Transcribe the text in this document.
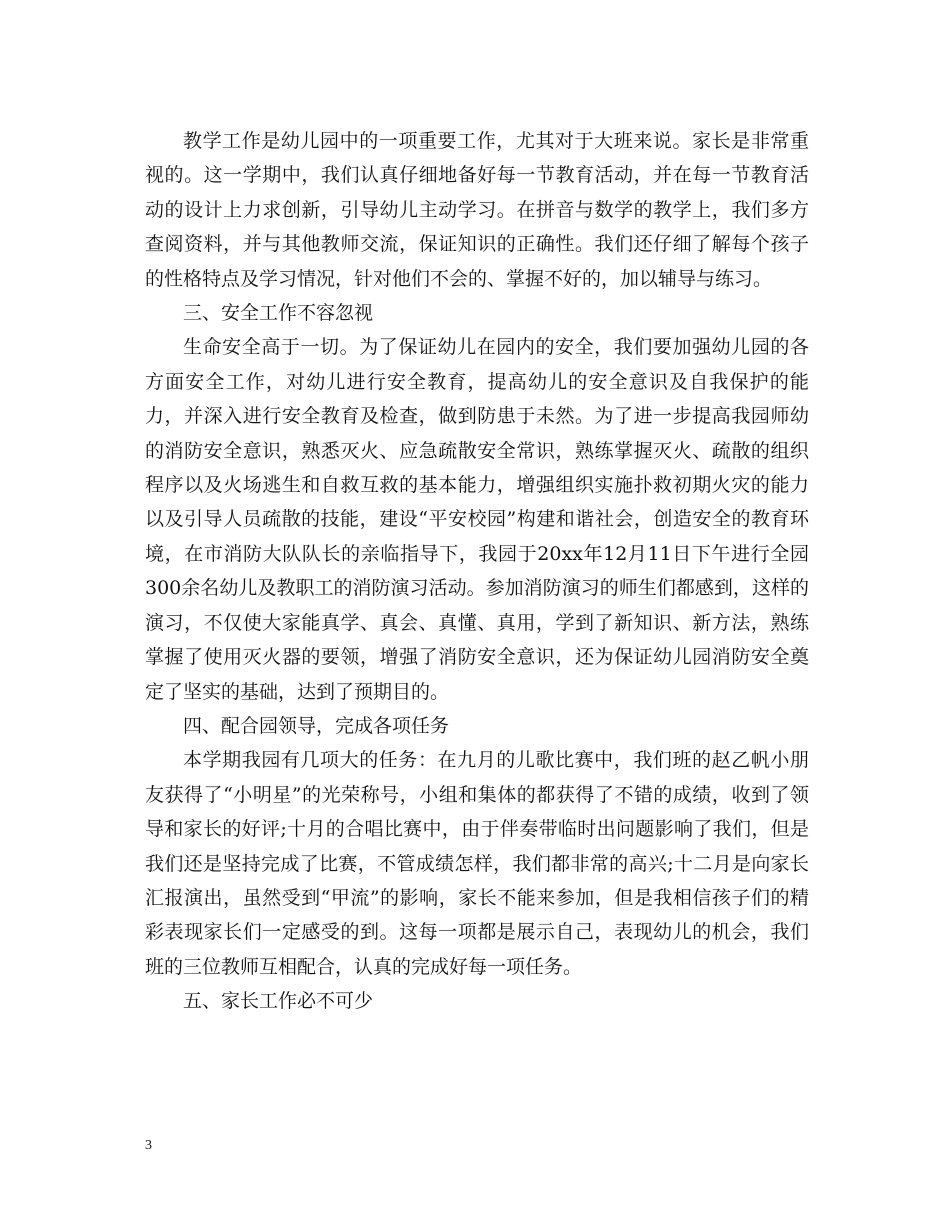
教学工作是幼儿园中的一项重要工作，尤其对于大班来说。家长是非常重视的。这一学期中，我们认真仔细地备好每一节教育活动，并在每一节教育活动的设计上力求创新，引导幼儿主动学习。在拼音与数学的教学上，我们多方查阅资料，并与其他教师交流，保证知识的正确性。我们还仔细了解每个孩子的性格特点及学习情况，针对他们不会的、掌握不好的，加以辅导与练习。

三、安全工作不容忽视

生命安全高于一切。为了保证幼儿在园内的安全，我们要加强幼儿园的各方面安全工作，对幼儿进行安全教育，提高幼儿的安全意识及自我保护的能力，并深入进行安全教育及检查，做到防患于未然。为了进一步提高我园师幼的消防安全意识，熟悉灭火、应急疏散安全常识，熟练掌握灭火、疏散的组织程序以及火场逃生和自救互救的基本能力，增强组织实施扑救初期火灾的能力以及引导人员疏散的技能，建设“平安校园”构建和谐社会，创造安全的教育环境，在市消防大队队长的亲临指导下，我园于20xx年12月11日下午进行全园300余名幼儿及教职工的消防演习活动。参加消防演习的师生们都感到，这样的演习，不仅使大家能真学、真会、真懂、真用，学到了新知识、新方法，熟练掌握了使用灭火器的要领，增强了消防安全意识，还为保证幼儿园消防安全奠定了坚实的基础，达到了预期目的。

四、配合园领导，完成各项任务

本学期我园有几项大的任务：在九月的儿歌比赛中，我们班的赵乙帆小朋友获得了“小明星”的光荣称号，小组和集体的都获得了不错的成绩，收到了领导和家长的好评;十月的合唱比赛中，由于伴奏带临时出问题影响了我们，但是我们还是坚持完成了比赛，不管成绩怎样，我们都非常的高兴;十二月是向家长汇报演出，虽然受到“甲流”的影响，家长不能来参加，但是我相信孩子们的精彩表现家长们一定感受的到。这每一项都是展示自己，表现幼儿的机会，我们班的三位教师互相配合，认真的完成好每一项任务。

五、家长工作必不可少

3
